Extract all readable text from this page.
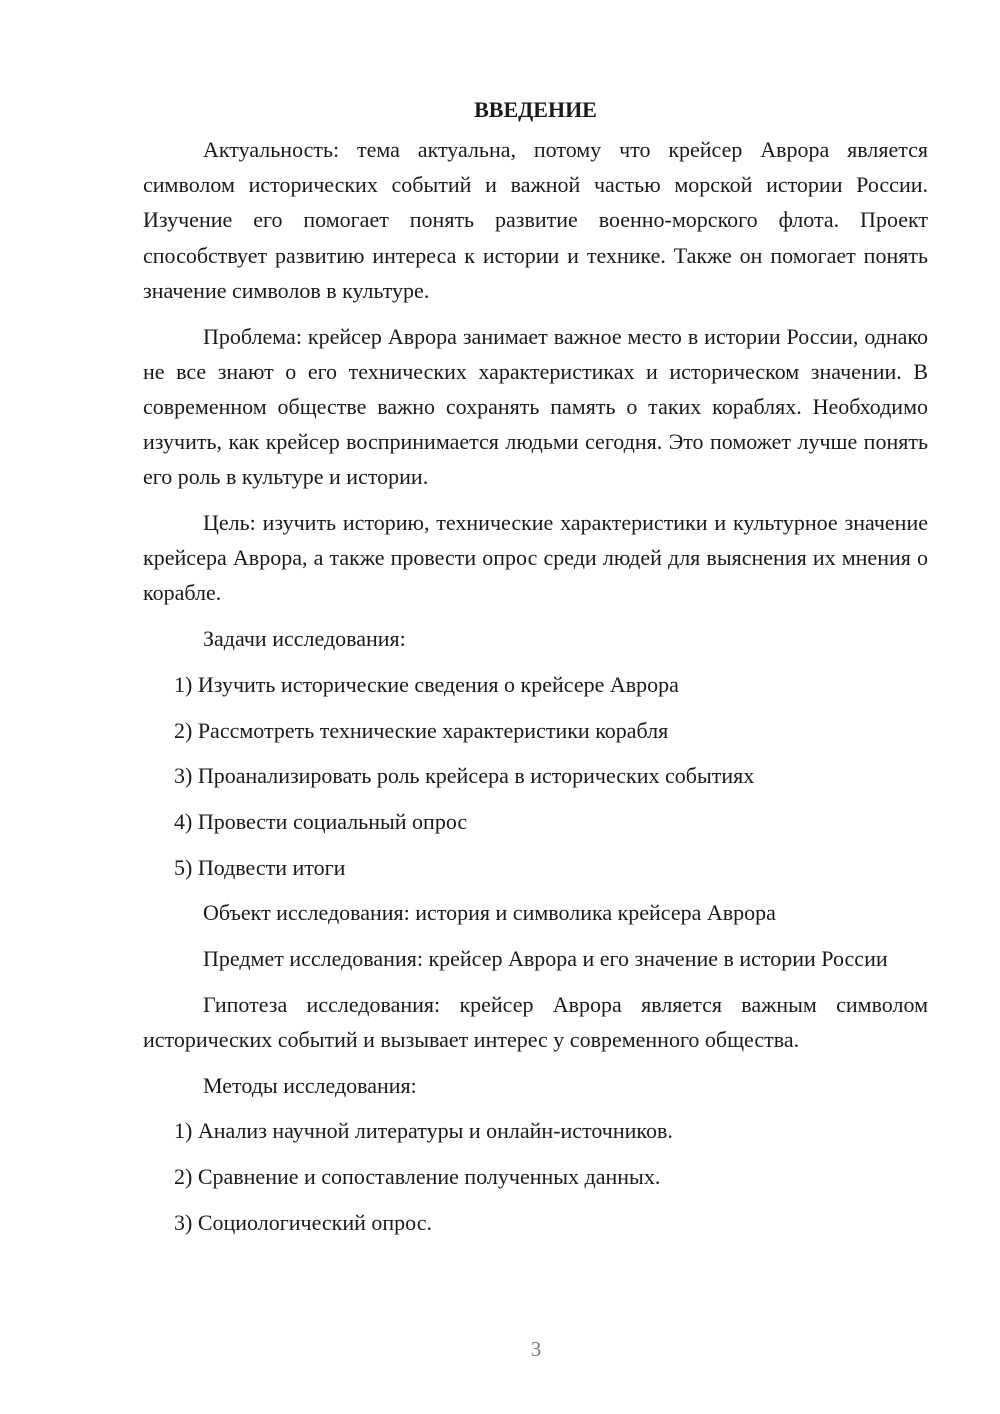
ВВЕДЕНИЕ

Актуальность: тема актуальна, потому что крейсер Аврора является символом исторических событий и важной частью морской истории России. Изучение его помогает понять развитие военно-морского флота. Проект способствует развитию интереса к истории и технике. Также он помогает понять значение символов в культуре.

Проблема: крейсер Аврора занимает важное место в истории России, однако не все знают о его технических характеристиках и историческом значении. В современном обществе важно сохранять память о таких кораблях. Необходимо изучить, как крейсер воспринимается людьми сегодня. Это поможет лучше понять его роль в культуре и истории.

Цель: изучить историю, технические характеристики и культурное значение крейсера Аврора, а также провести опрос среди людей для выяснения их мнения о корабле.

Задачи исследования:

1) Изучить исторические сведения о крейсере Аврора

2) Рассмотреть технические характеристики корабля

3) Проанализировать роль крейсера в исторических событиях

4) Провести социальный опрос

5) Подвести итоги

Объект исследования: история и символика крейсера Аврора

Предмет исследования: крейсер Аврора и его значение в истории России

Гипотеза исследования: крейсер Аврора является важным символом исторических событий и вызывает интерес у современного общества.

Методы исследования:

1) Анализ научной литературы и онлайн-источников.

2) Сравнение и сопоставление полученных данных.

3) Социологический опрос.

3
